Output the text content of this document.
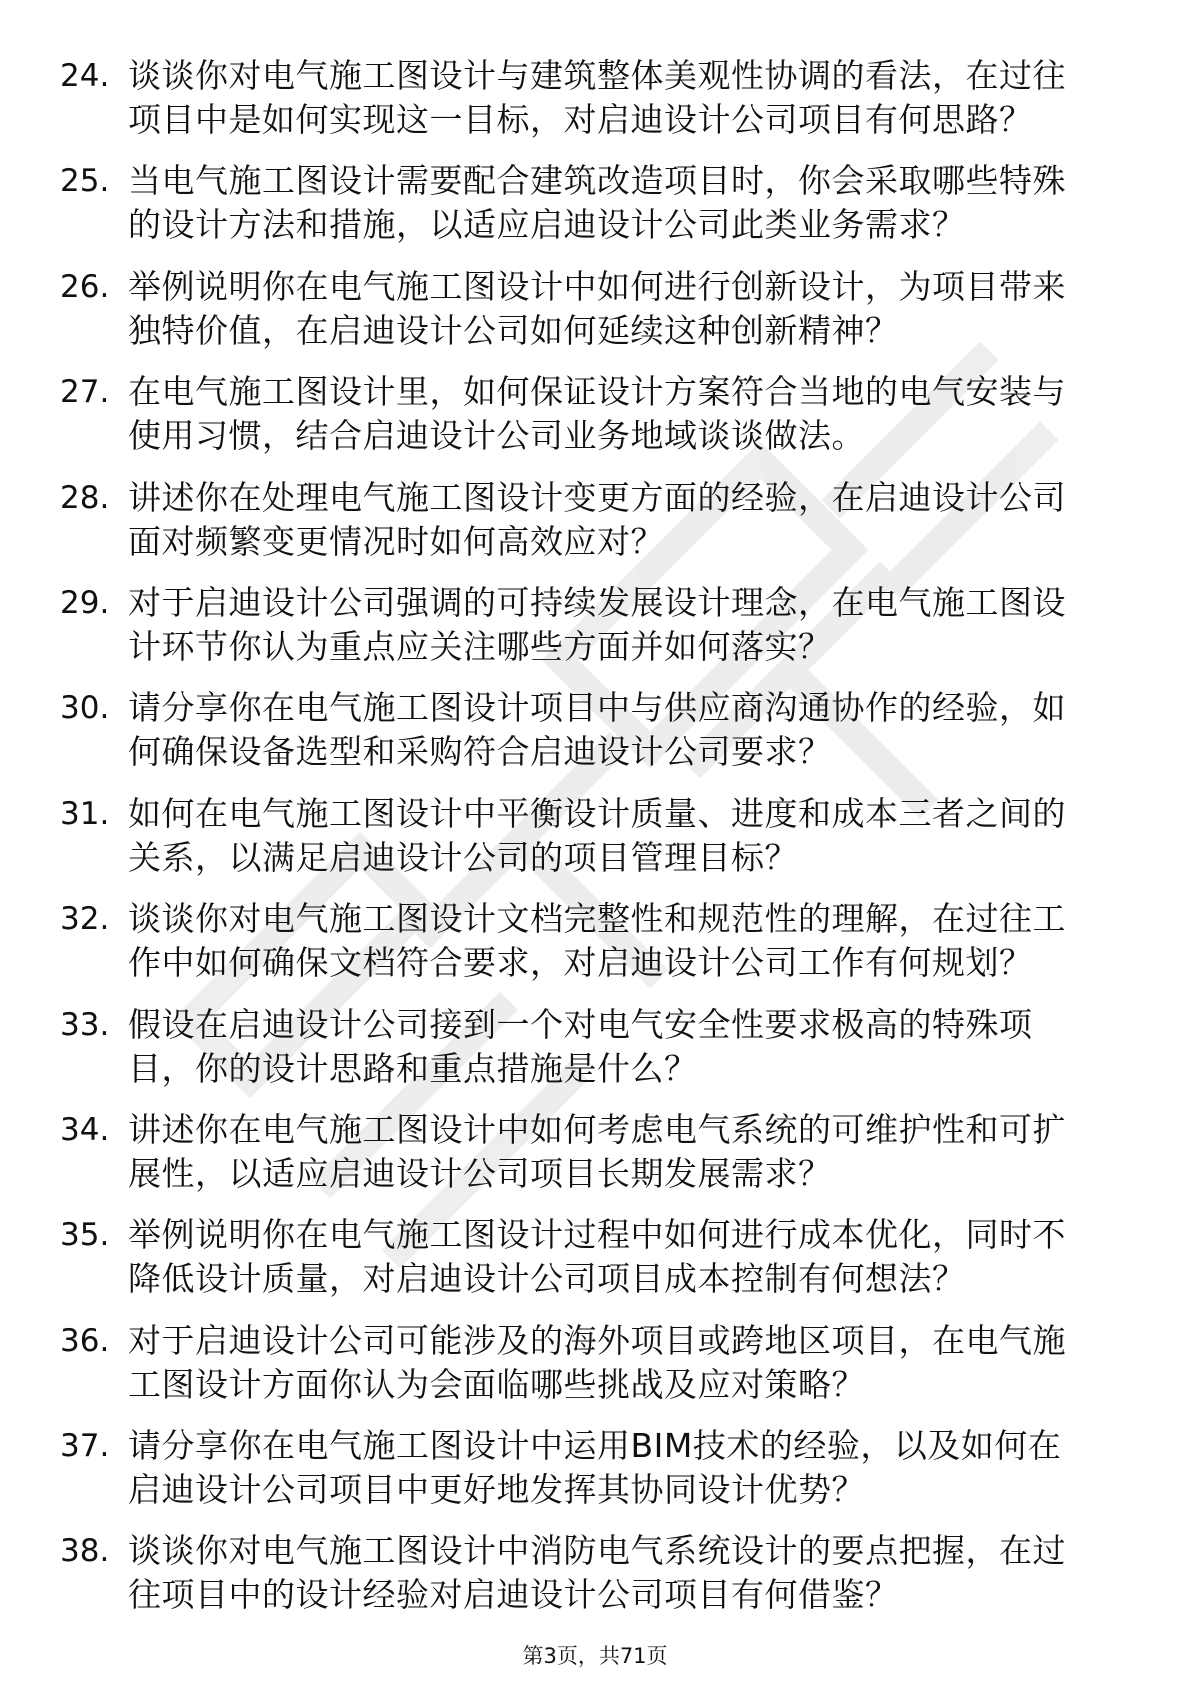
24. 谈谈你对电气施工图设计与建筑整体美观性协调的看法，在过往
项目中是如何实现这一目标，对启迪设计公司项目有何思路？
25. 当电气施工图设计需要配合建筑改造项目时，你会采取哪些特殊
的设计方法和措施，以适应启迪设计公司此类业务需求？
26. 举例说明你在电气施工图设计中如何进行创新设计，为项目带来
独特价值，在启迪设计公司如何延续这种创新精神？
27. 在电气施工图设计里，如何保证设计方案符合当地的电气安装与
使用习惯，结合启迪设计公司业务地域谈谈做法。
28. 讲述你在处理电气施工图设计变更方面的经验，在启迪设计公司
面对频繁变更情况时如何高效应对？
29. 对于启迪设计公司强调的可持续发展设计理念，在电气施工图设
计环节你认为重点应关注哪些方面并如何落实？
30. 请分享你在电气施工图设计项目中与供应商沟通协作的经验，如
何确保设备选型和采购符合启迪设计公司要求？
31. 如何在电气施工图设计中平衡设计质量、进度和成本三者之间的
关系，以满足启迪设计公司的项目管理目标？
32. 谈谈你对电气施工图设计文档完整性和规范性的理解，在过往工
作中如何确保文档符合要求，对启迪设计公司工作有何规划？
33. 假设在启迪设计公司接到一个对电气安全性要求极高的特殊项
目，你的设计思路和重点措施是什么？
34. 讲述你在电气施工图设计中如何考虑电气系统的可维护性和可扩
展性，以适应启迪设计公司项目长期发展需求？
35. 举例说明你在电气施工图设计过程中如何进行成本优化，同时不
降低设计质量，对启迪设计公司项目成本控制有何想法？
36. 对于启迪设计公司可能涉及的海外项目或跨地区项目，在电气施
工图设计方面你认为会面临哪些挑战及应对策略？
37. 请分享你在电气施工图设计中运用BIM技术的经验，以及如何在
启迪设计公司项目中更好地发挥其协同设计优势？
38. 谈谈你对电气施工图设计中消防电气系统设计的要点把握，在过
往项目中的设计经验对启迪设计公司项目有何借鉴？
第3页，共71页
